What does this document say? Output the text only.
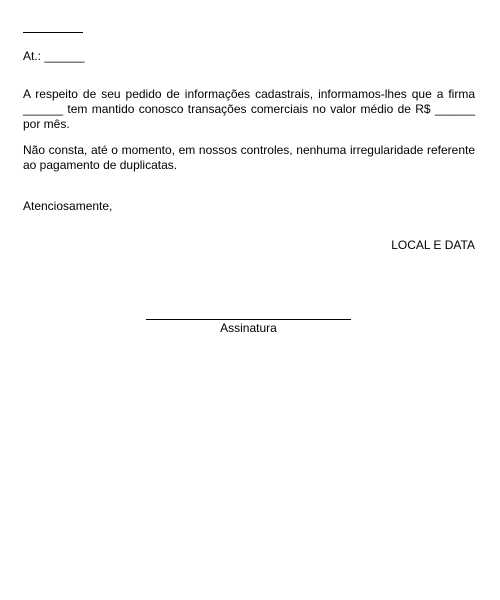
At.: ______
A respeito de seu pedido de informações cadastrais, informamos-lhes que a firma ______ tem mantido conosco transações comerciais no valor médio de R$ ______ por mês.
Não consta, até o momento, em nossos controles, nenhuma irregularidade referente ao pagamento de duplicatas.
Atenciosamente,
LOCAL E DATA
Assinatura
